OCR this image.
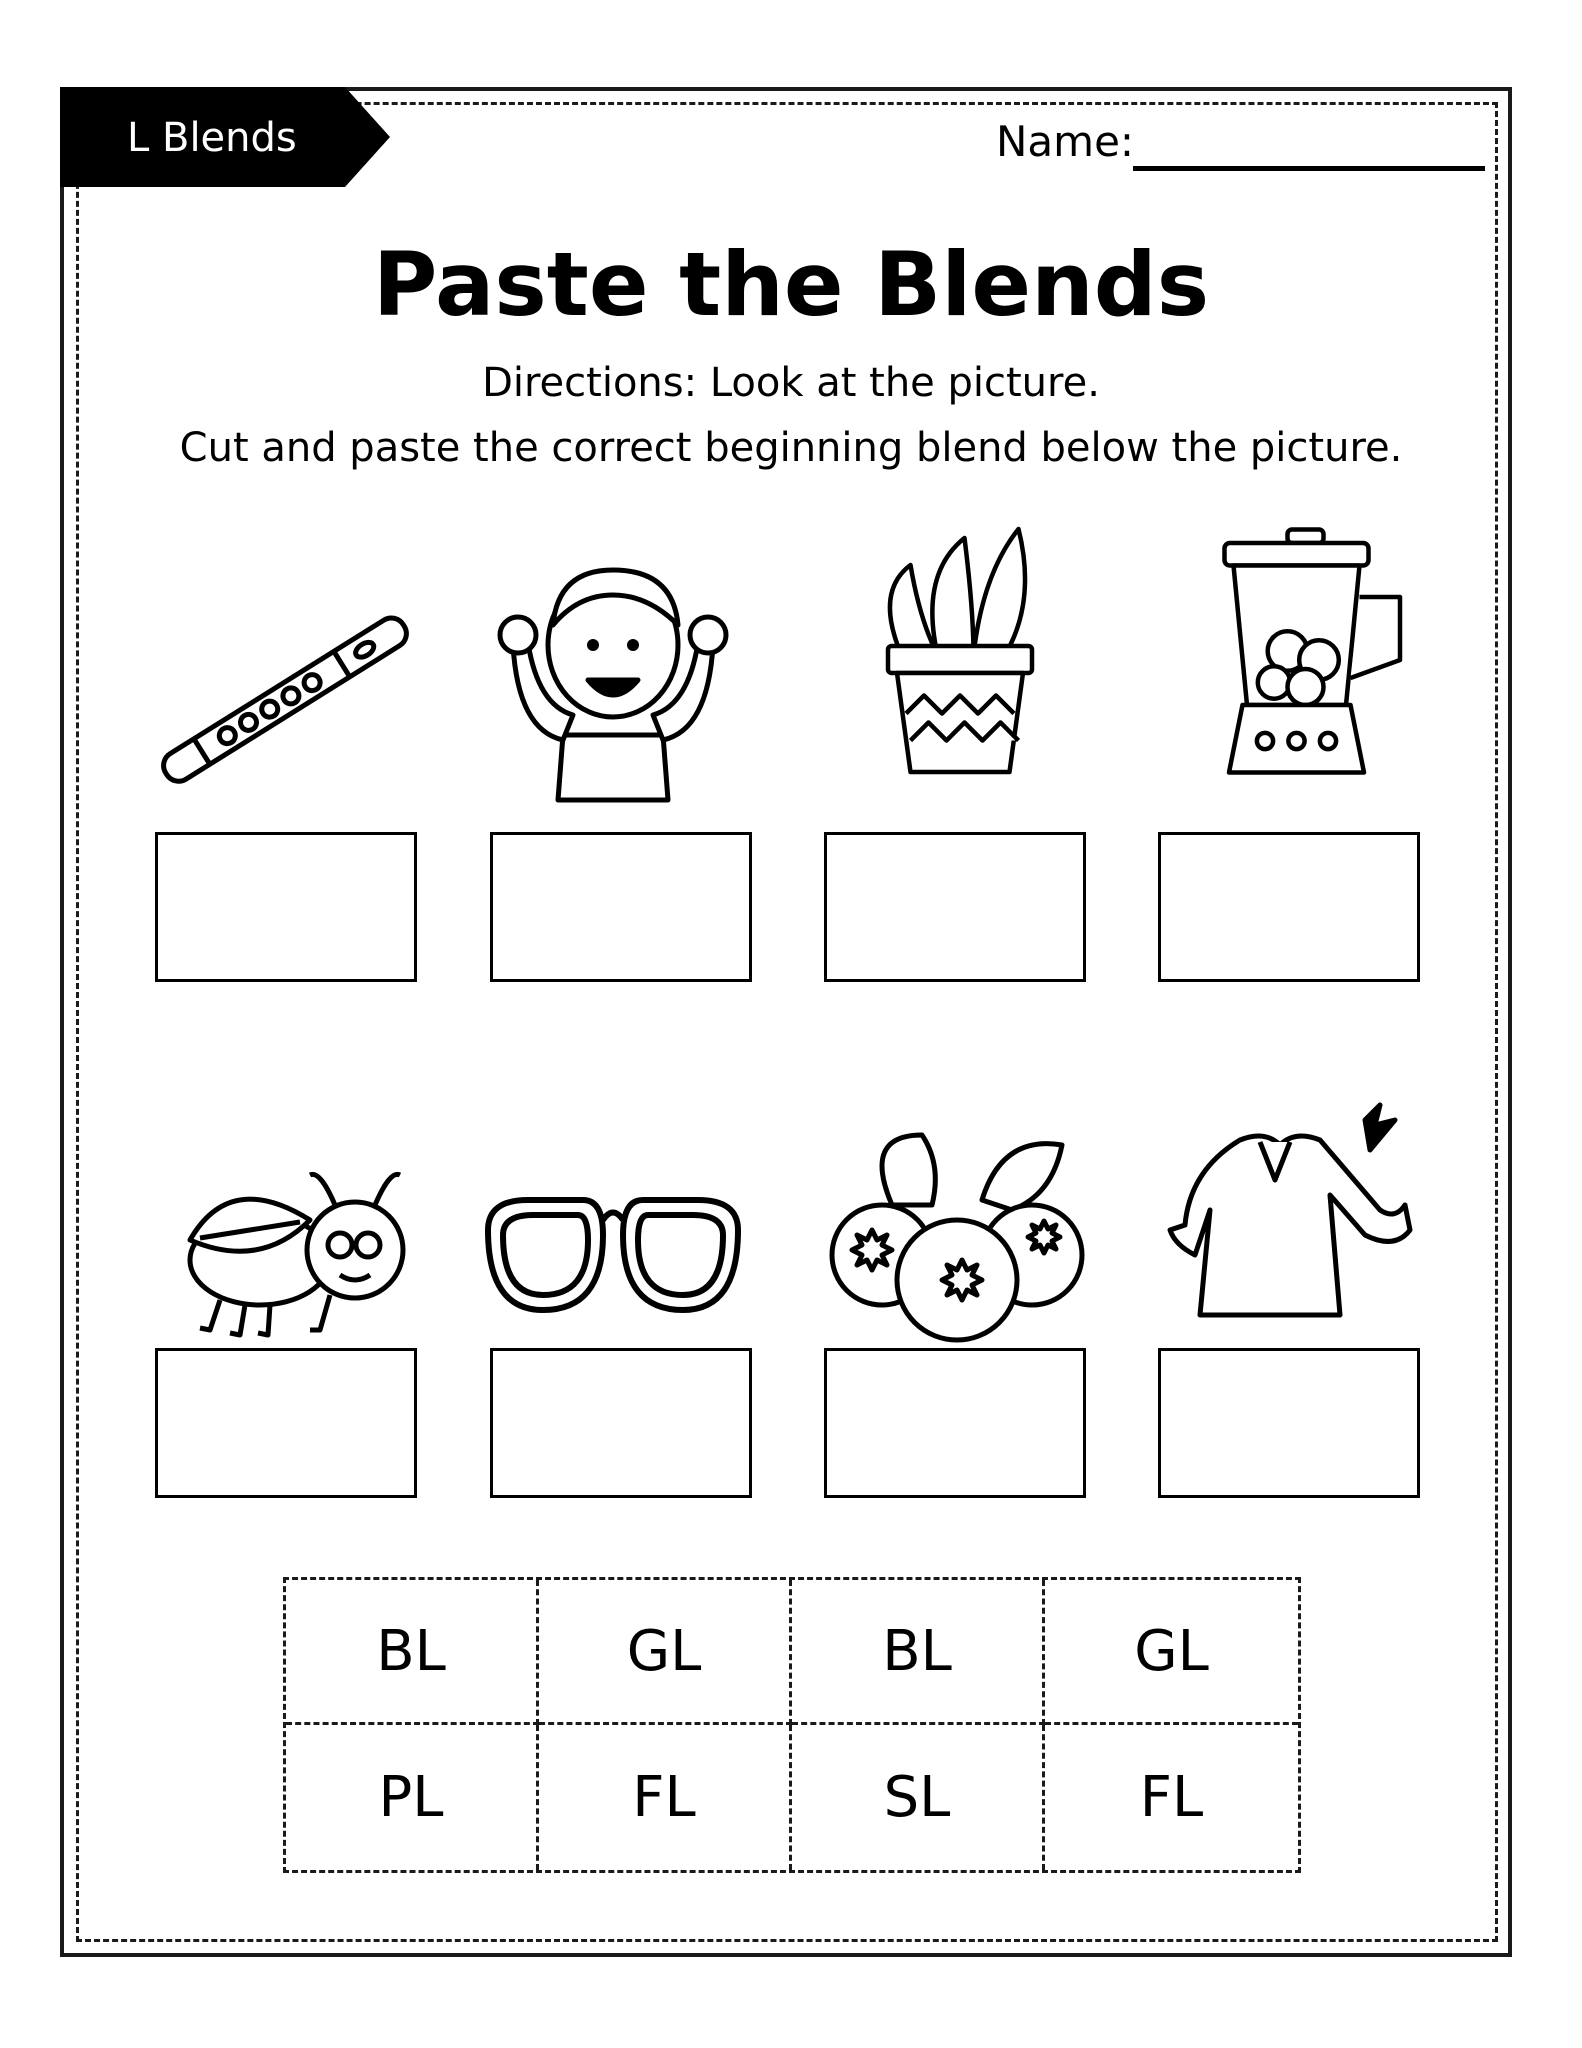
L Blends	Name:
Paste the Blends
Directions: Look at the picture.
Cut and paste the correct beginning blend below the picture.
BL	GL	BL	GL
PL	FL	SL	FL
